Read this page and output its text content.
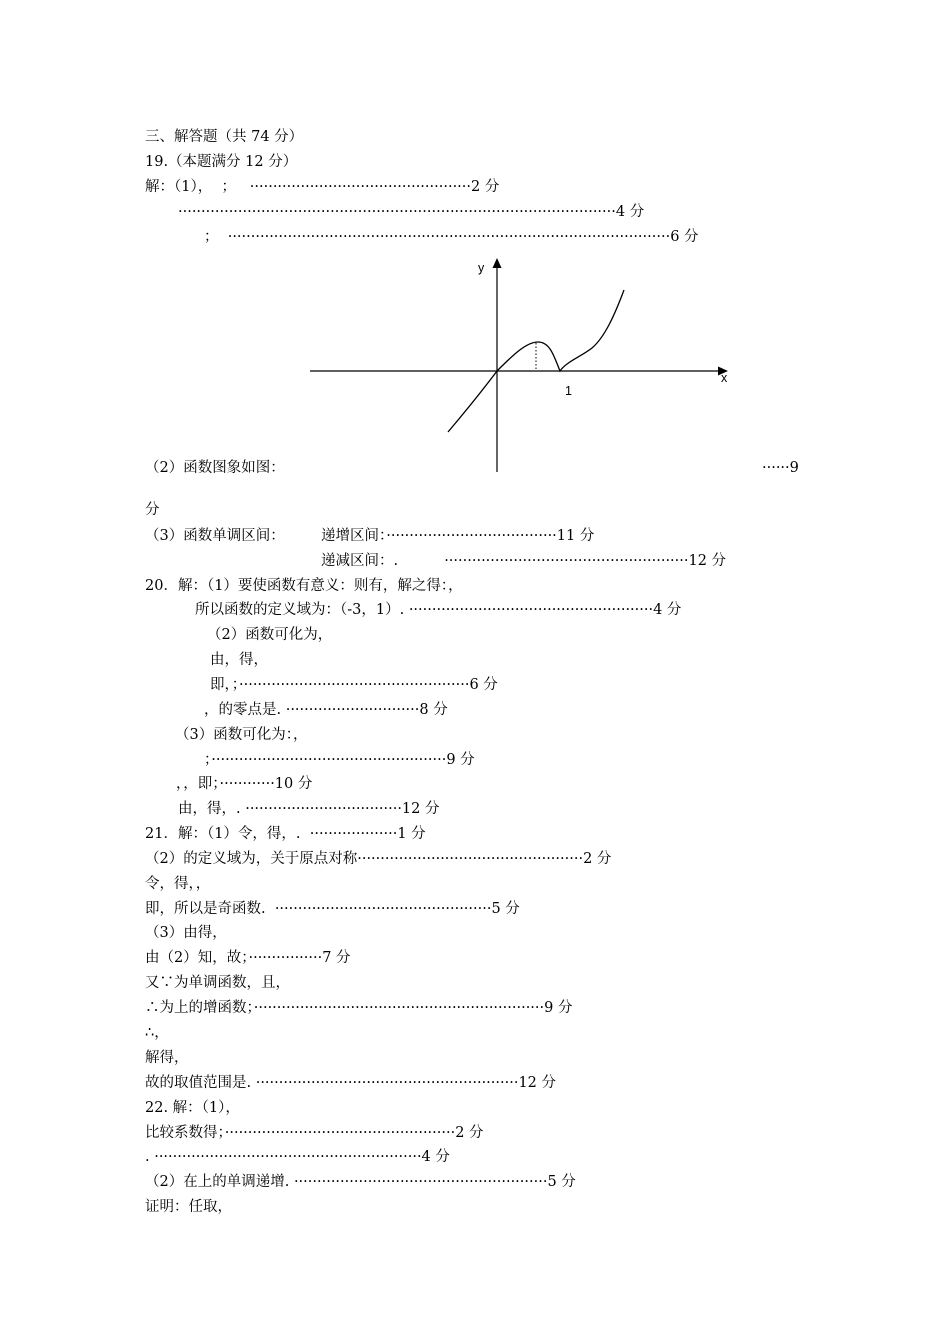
三、解答题（共 74 分）
19.（本题满分 12 分）
解：（1），  ；   ················································2 分
·······························································································4 分
；  ································································································6 分
y
x
1
（2）函数图象如图：	······9
分
（3）函数单调区间：	递增区间：·····································11 分
递减区间：.          ·····················································12 分
20．解：（1）要使函数有意义：则有，解之得：，
所以函数的定义域为：（-3，1）. ·····················································4 分
（2）函数可化为，
由，得，
即，；··················································6 分
，的零点是. ·····························8 分
（3）函数可化为：，
；···················································9 分
，，即；············10 分
由，得，. ··································12 分
21．解：（1）令，得，.  ···················1 分
（2）的定义域为，关于原点对称·················································2 分
令，得，，
即，所以是奇函数.  ···············································5 分
（3）由得，
由（2）知，故；················7 分
又∵为单调函数，且，
∴为上的增函数；·······························································9 分
∴，
解得，
故的取值范围是. ·························································12 分
22. 解：（1），
比较系数得；··················································2 分
. ··························································4 分
（2）在上的单调递增. ·······················································5 分
证明：任取，
